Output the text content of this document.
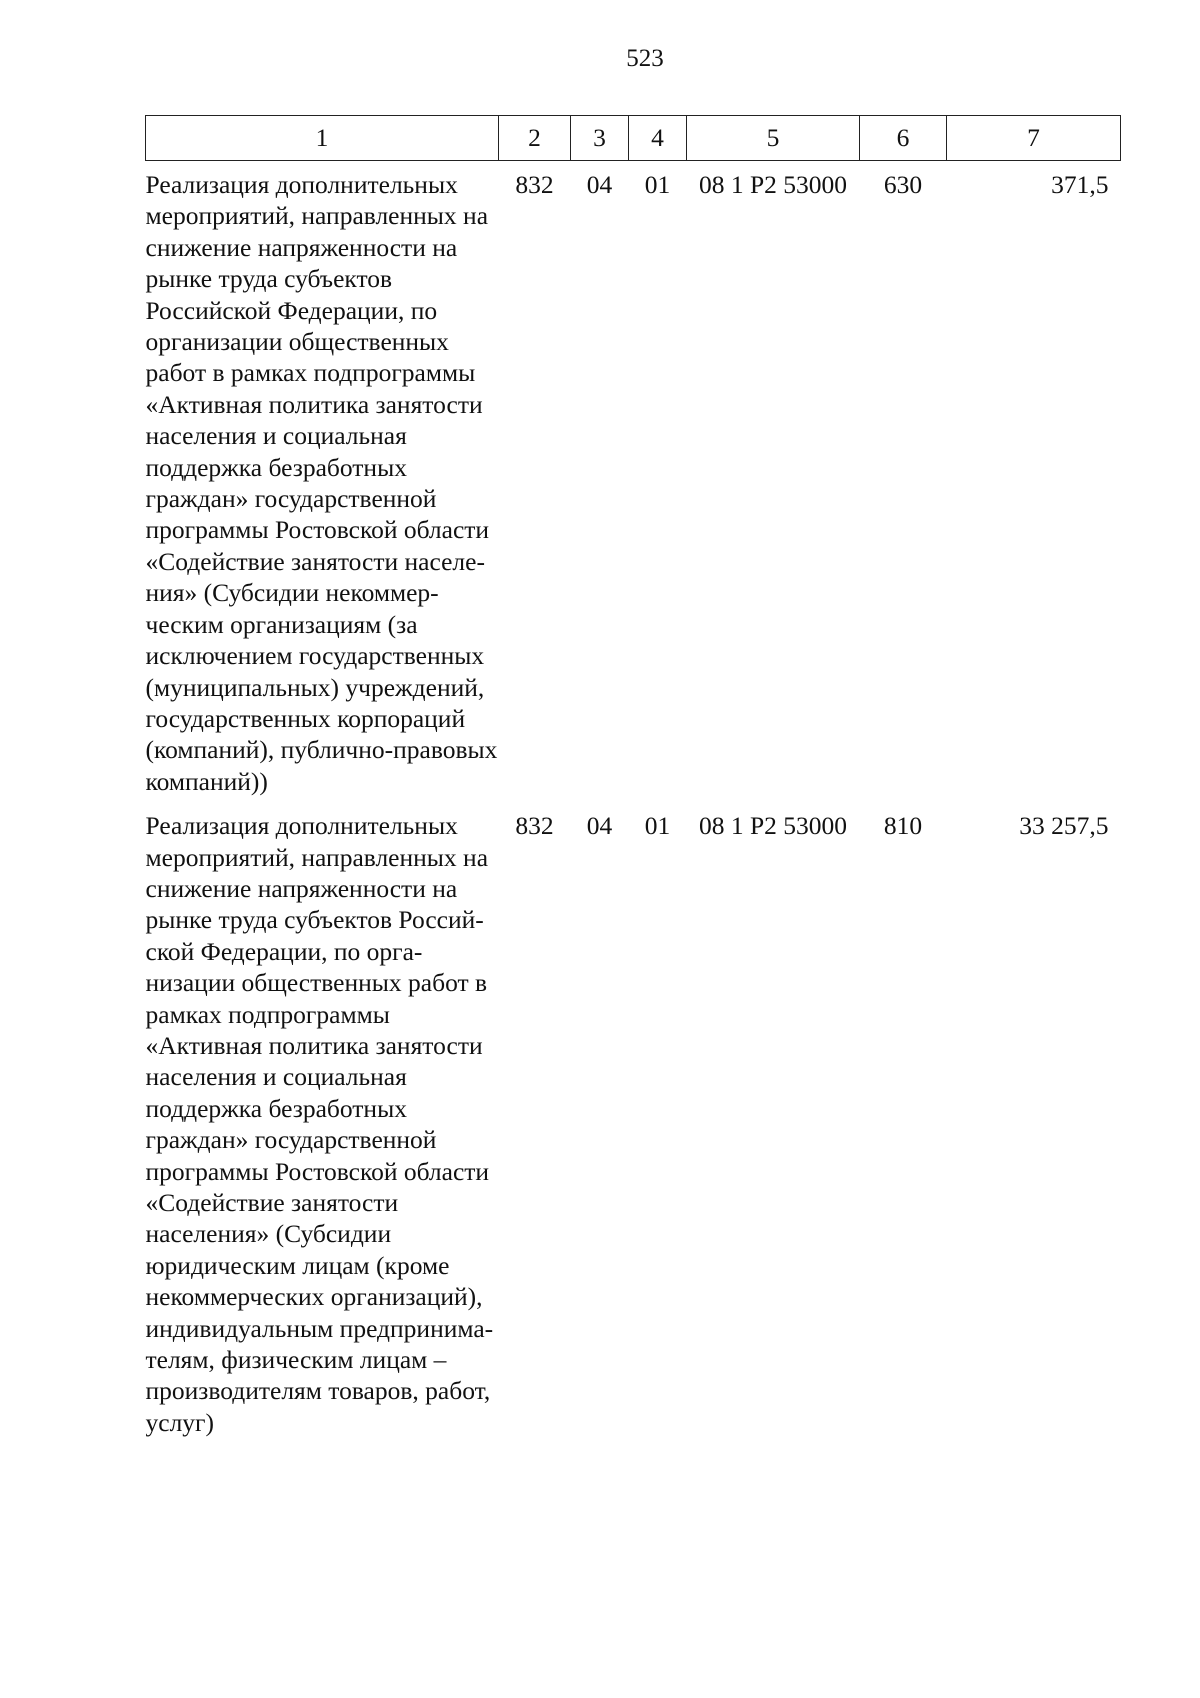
523
1	2	3	4	5	6	7

Реализация дополнительных мероприятий, направленных на снижение напряженности на рынке труда субъектов Российской Федерации, по организации общественных работ в рамках подпрограммы «Активная политика занятости населения и социальная поддержка безработных граждан» государственной программы Ростовской области «Содействие занятости населения» (Субсидии некоммерческим организациям (за исключением государственных (муниципальных) учреждений, государственных корпораций (компаний), публично-правовых компаний))	832	04	01	08 1 P2 53000	630	371,5

Реализация дополнительных мероприятий, направленных на снижение напряженности на рынке труда субъектов Российской Федерации, по организации общественных работ в рамках подпрограммы «Активная политика занятости населения и социальная поддержка безработных граждан» государственной программы Ростовской области «Содействие занятости населения» (Субсидии юридическим лицам (кроме некоммерческих организаций), индивидуальным предпринимателям, физическим лицам – производителям товаров, работ, услуг)	832	04	01	08 1 P2 53000	810	33 257,5
